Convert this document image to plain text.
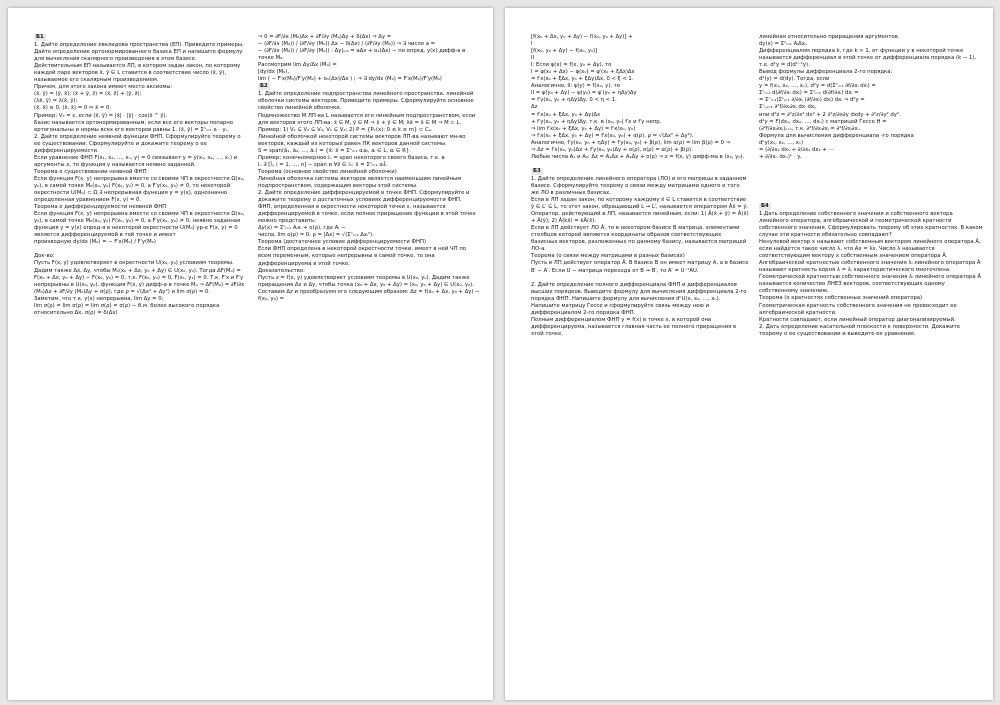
Б1

1. Дайте определение евклидова пространства (ЕП). Приведите примеры. Дайте определение ортонормированного базиса ЕП и напишите формулу для вычисления скалярного произведения в этом базисе.

Действительным ЕП называется ЛП, в котором задан закон, по которому каждой паре векторов x̄, ȳ ∈ L ставится в соответствие число (x̄, ȳ), называемое его скалярным произведением.

Причем, для этого закона имеют место аксиомы:

(x̄, ȳ) = (ȳ, x̄); (x̄ + ȳ, z̄) = (x̄, z̄) + (ȳ, z̄);

(λx̄, ȳ) = λ(x̄, ȳ);

(x̄, x̄) ≥ 0, (x̄, x̄) = 0 ⇔ x̄ = 0.

Пример: V₃ = ε, если (x̄, ȳ) = |x̄| · |ȳ| · cos(x̄ ^ ȳ).

Базис называется ортонормированным, если все его векторы попарно ортогональны и нормы всех его векторов равны 1. (x̄, ȳ) = Σⁿᵢ₌₁ xᵢ · yᵢ.

2. Дайте определение неявной функции ФНП. Сформулируйте теорему о ее существовании. Сформулируйте и докажите теорему о ее дифференцируемости.

Если уравнение ФНП F(x₁, x₂, …, xₙ, y) = 0 связывает y = y(x₁, x₂, …, xₙ) и аргументы x, то функция y называется неявно заданной.

Теорема о существовании неявной ФНП

Если функция F(x, y) непрерывна вместе со своими ЧП в окрестности Ω(x₀, y₀), в самой точке M₀(x₀, y₀) F(x₀, y₀) = 0, а F′y(x₀, y₀) ≠ 0, то некоторой окрестности U(M₀) ⊂ Ω ∃ непрерывная функция y = y(x), однозначно определенная уравнением F(x, y) = 0.

Теорема о дифференцируемости неявной ФНП

Если функция F(x, y) непрерывна вместе со своими ЧП в окрестности Ω(x₀, y₀), в самой точке M₀(x₀, y₀) F(x₀, y₀) = 0, а F′y(x₀, y₀) ≠ 0, неявно заданная функция y = y(x) опред-я в некоторой окрестности U(M₀) ур-е F(x, y) = 0 является дифференцируемой в той точке и имеет

производную dy/dx (M₀) = − F′x(M₀) / F′y(M₀)

Док-во:

Пусть F(x, y) удовлетворяет в окрестности U(x₀, y₀) условиям теоремы. Дадим также Δx, Δy, чтобы M₁(x₀ + Δx, y₀ + Δy) ∈ U(x₀, y₀). Тогда ΔF(M₀) = F(x₀ + Δx, y₀ + Δy) − F(x₀, y₀) = 0, т.к. F(x₀, y₀) = 0, F(x₁, y₁) = 0. Т.к. F′x и F′y непрерывны в U(x₀, y₀), функция F(x, y) дифф-а в точке M₀ ⇒ ΔF(M₀) = ∂F/∂x (M₀)Δx + ∂F/∂y (M₀)Δy + σ(ρ), где ρ = √(Δx² + Δy²) и lim σ(ρ) = 0.

Заметим, что т.к. y(x) непрерывна, lim Δy = 0;

lim σ(ρ) = lim σ(ρ) = lim σ(ρ) = σ(ρ) − б.м. более высокого порядка относительно Δx, σ(ρ) = δ(Δx)

⇒ 0 = ∂F/∂x (M₀)Δx + ∂F/∂y (M₀)Δy + δ(Δx) ⇒ Δy =

− (∂F/∂x (M₀)) / (∂F/∂y (M₀)) Δx − δ(Δx) / (∂F/∂y (M₀)) ⇒ ∃ число a =

− (∂F/∂x (M₀)) / (∂F/∂y (M₀)) : Δy|ₘ₀ = aΔx + o₁(Δx) − по опред. y(x) дифф-а в точке M₀.

Рассмотрим lim Δy/Δx (M₀) =

[dy/dx (M₀),

lim ( − F′x(M₀)/F′y(M₀) + o₁(Δx)/Δx ) ; ⇒ ∃ dy/dx (M₀) = F′x(M₀)/F′y(M₀)

Б2

1. Дайте определение подпространства линейного пространства, линейной оболочки системы векторов. Приведите примеры. Сформулируйте основное свойство линейной оболочки.

Подмножество M ЛП-ва L называется его линейным подпространством, если для векторов этого ЛП-ва: x̄ ∈ M, ȳ ∈ M ⇒ x̄ + ȳ ∈ M; λx̄ = x̄ ∈ M ⇒ M ⊂ L.

Пример: 1) V₁ ⊆ V₂ ⊆ V₃, V₁ ⊆ V₃; 2) P = {Pₖ(x): 0 ≤ k ≤ m} ⊂ Cₑ.

Линейной оболочкой некоторой системы векторов ЛП-ва называют мн-во векторов, каждый из которых равен ЛК векторов данной системы.

S = span(ā₁, ā₂, …, āₙ) = {x̄: x̄ = Σⁿᵢ₌₁ αᵢaᵢ, aᵢ ∈ L, αᵢ ∈ R}.

Пример: конечномерное lₙ = span некоторого своего базиса, т.к. в

lₙ ∃ [l̄ᵢ, i = 1, …, n] − span и ∀x̄ ∈ lₙ: x̄ = Σⁿᵢ₌₁ αᵢl̄ᵢ.

Теорема (основное свойство линейной оболочки)

Линейная оболочка системы векторов является наименьшим линейным подпространством, содержащим векторы этой системы.

2. Дайте определение дифференцируемой в точке ФНП. Сформулируйте и докажите теорему о достаточных условиях дифференцируемости ФНП.

ФНП, определенная в окрестности некоторой точки x, называется дифференцируемой в точке, если полное приращение функции в этой точке можно представить:

Δy(x) = Σⁿᵢ₌₁ Aᵢxᵢ + o(ρ), где Aᵢ −

числа, lim o(ρ) = 0, ρ = |Δx| = √(Σⁿᵢ₌₁ Δxᵢ²).

Теорема (достаточное условие дифференцируемости ФНП)

Если ФНП определена в некоторой окрестности точки, имеет в ней ЧП по всем переменным, которые непрерывны в самой точке, то она дифференцируема в этой точке.

Доказательство:

Пусть z = f(x, y) удовлетворяет условиям теоремы в U(x₀, y₀). Дадим также приращения Δx и Δy, чтобы точка (x₀ + Δx, y₀ + Δy) = (x₀, y₀ + Δy) ∈ U(x₀, y₀). Составим Δz и преобразуем его следующим образом: Δz = f(x₀ + Δx, y₀ + Δy) − f(x₀, y₀) =

[f(x₀ + Δx, y₀ + Δy) − f(x₀, y₀ + Δy)] +

I

[f(x₀, y₀ + Δy) − f(x₀, y₀)]

II

I: Если φ(x) = f(x, y₀ + Δy), то

I = φ(x₀ + Δx) − φ(x₀) = φ′(x₀ + ξΔx)Δx

= f′x(x₀ + ξΔx, y₀ + ξΔy)Δx, 0 < ξ < 1.

Аналогично, II: ψ(y) = f(x₀, y), то

II = ψ(y₀ + Δy) − ψ(y₀) = ψ′(y₀ + ηΔy)Δy

= f′y(x₀, y₀ + ηΔy)Δy, 0 < η < 1.

Δz

= f′x(x₀ + ξΔx, y₀ + Δy)Δx

+ f′y(x₀, y₀ + ηΔy)Δy, т.к. в (x₀, y₀) f′x и f′y непр.

⇒ lim f′x(x₀ + ξΔx, y₀ + Δy) = f′x(x₀, y₀)

⇒ f′x(x₀ + ξΔx, y₀ + Δy) = f′x(x₀, y₀) + α(ρ), ρ = √(Δx² + Δy²).

Аналогично, f′y(x₀, y₀ + ηΔy) = f′y(x₀, y₀) + β(ρ), lim α(ρ) = lim β(ρ) = 0 ⇒

⇒ Δz = f′x(x₀, y₀)Δx + f′y(x₀, y₀)Δy + o(ρ), o(ρ) = α(ρ) + β(ρ).

Любые числа A₁ и A₂: Δz = A₁Δx + A₂Δy + o(ρ) ⇒ z = f(x, y) дифф-ма в (x₀, y₀).

Б3

1. Дайте определение линейного оператора (ЛО) и его матрицы в заданном базисе. Сформулируйте теорему о связи между матрицами одного и того же ЛО в различных базисах.

Если в ЛП задан закон, по которому каждому x̄ ∈ L ставится в соответствие ȳ ∈ L′ ⊆ L, то этот закон, обращающий L → L′, называется оператором Âx̄ = ȳ. Оператор, действующий в ЛП, называется линейным, если: 1) Â(x̄ + ȳ) = Â(x̄) + Â(ȳ); 2) Â(kx̄) = kÂ(x̄).

Если в ЛП действует ЛО Â, то в некотором базисе B матрица, элементами столбцов которой являются координаты образов соответствующих базисных векторов, разложенных по данному базису, называется матрицей ЛО-а.

Теорема (о связи между матрицами в разных базисах)

Пусть в ЛП действует оператор Â. В базисе B он имеет матрицу A, а в базисе B′ − A′. Если U − матрица перехода от B → B′, то A′ = U⁻¹AU.

2. Дайте определение полного дифференциала ФНП и дифференциалов высших порядков. Выведите формулу для вычисления дифференциала 2-го порядка ФНП. Напишите формулу для вычисления dᵏU(x, x₂, …, xₙ). Напишите матрицу Гессе и сформулируйте связь между нею и дифференциалом 2-го порядка ФНП.

Полным дифференциалом ФНП y = f(x) в точке x, в которой она дифференцируема, называется главная часть ее полного приращения в этой точке,

линейная относительно приращения аргументов.

dy(x) = Σⁿᵢ₌₁ AᵢΔxᵢ.

Дифференциалом порядка k, где k > 1, от функции y в некоторой точке называется дифференциал в этой точке от дифференциала порядка (k − 1), т.е. dᵏy = d(dᵏ⁻¹y).

Вывод формулы дифференциала 2-го порядка:

d²(y) = d(dy). Тогда, если

y = f(x₁, x₂, …, xₙ), d²y = d(Σⁿᵢ₌₁ ∂f/∂xᵢ dxᵢ) =

Σⁿᵢ₌₁ d(∂f/∂xᵢ dxᵢ) = Σⁿᵢ₌₁ d(∂f/∂xᵢ) dxᵢ =

= Σⁿᵢ₌₁(Σⁿⱼ₌₁ ∂/∂xⱼ (∂f/∂xᵢ) dxⱼ) dxᵢ ⇒ d²y =

Σⁿᵢ,ⱼ₌₁ ∂²f/∂xᵢ∂xⱼ dxᵢ dxⱼ,

или d²z = ∂²z/∂x² dx² + 2 ∂²z/∂x∂y dxdy + ∂²z/∂y² dy².

d²y = F(dx₁, dx₂, …, dxₙ) с матрицей Гессе H =

(∂²f/∂xᵢ∂xⱼ)ₙₓₙ, т.к. ∂²f/∂xᵢ∂xⱼ = ∂²f/∂xⱼ∂xᵢ.

Формула для вычисления дифференциала -го порядка

dᵏy(x₁, x₂, …, xₙ)

= (∂/∂x₁ dx₁ + ∂/∂x₂ dx₂ + ⋯

+ ∂/∂xₙ dxₙ)ᵏ · y.

Б4

1.Дать определение собственного значения и собственного вектора линейного оператора, алгебраической и геометрической кратности собственного значения. Сформулировать теорему об этих кратностях. В каком случае эти кратности обязательно совпадают?

Ненулевой вектор x называют собственным вектором линейного оператора Â, если найдется такое число λ, что Ax = λx. Число λ называется соответствующим вектору x собственным значением оператора Â.

Алгебраической кратностью собственного значения λᵢ линейного оператора Â называют кратность корня λ = λᵢ характеристического многочлена.

Геометрической кратностью собственного значения λᵢ линейного оператора Â называется количество ЛНЕЗ векторов, соответствующих одному собственному значению.

Теорема (о кратностях собственных значений оператора)

Геометрическая кратность собственного значения не превосходит ее алгебраической кратности.

Кратности совпадают, если линейный оператор диагонализируемый.

2. Дать определение касательной плоскости к поверхности. Докажите теорему о ее существовании и выведите ее уравнение.
